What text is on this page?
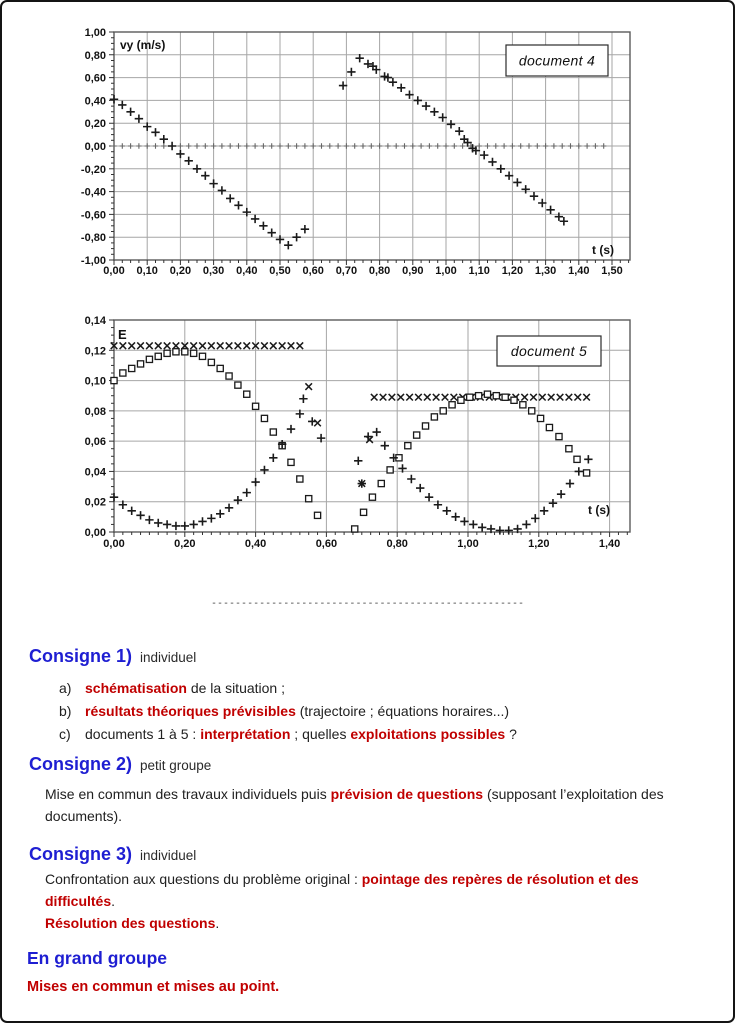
0,00 0,10 0,20 0,30 0,40 0,50 0,60 0,70 0,80 0,90 1,00 1,10 1,20 1,30 1,40 1,50
1,00
0,80
0,60
0,40
0,20
0,00
-0,20
-0,40
-0,60
-0,80
-1,00
vy (m/s)
t (s)
document 4
0,00	0,20	0,40	0,60	0,80	1,00	1,20	1,40
0,14
0,12
0,10
0,08
0,06
0,04
0,02
0,00
E
t (s)
document 5
----------------------------------------------------
Consigne 1) individuel
a) schématisation de la situation ;
b) résultats théoriques prévisibles (trajectoire ; équations horaires...)
c) documents 1 à 5 : interprétation ; quelles exploitations possibles ?
Consigne 2) petit groupe
Mise en commun des travaux individuels puis prévision de questions (supposant l’exploitation des documents).
Consigne 3) individuel
Confrontation aux questions du problème original : pointage des repères de résolution et des difficultés.
Résolution des questions.
En grand groupe
Mises en commun et mises au point.
